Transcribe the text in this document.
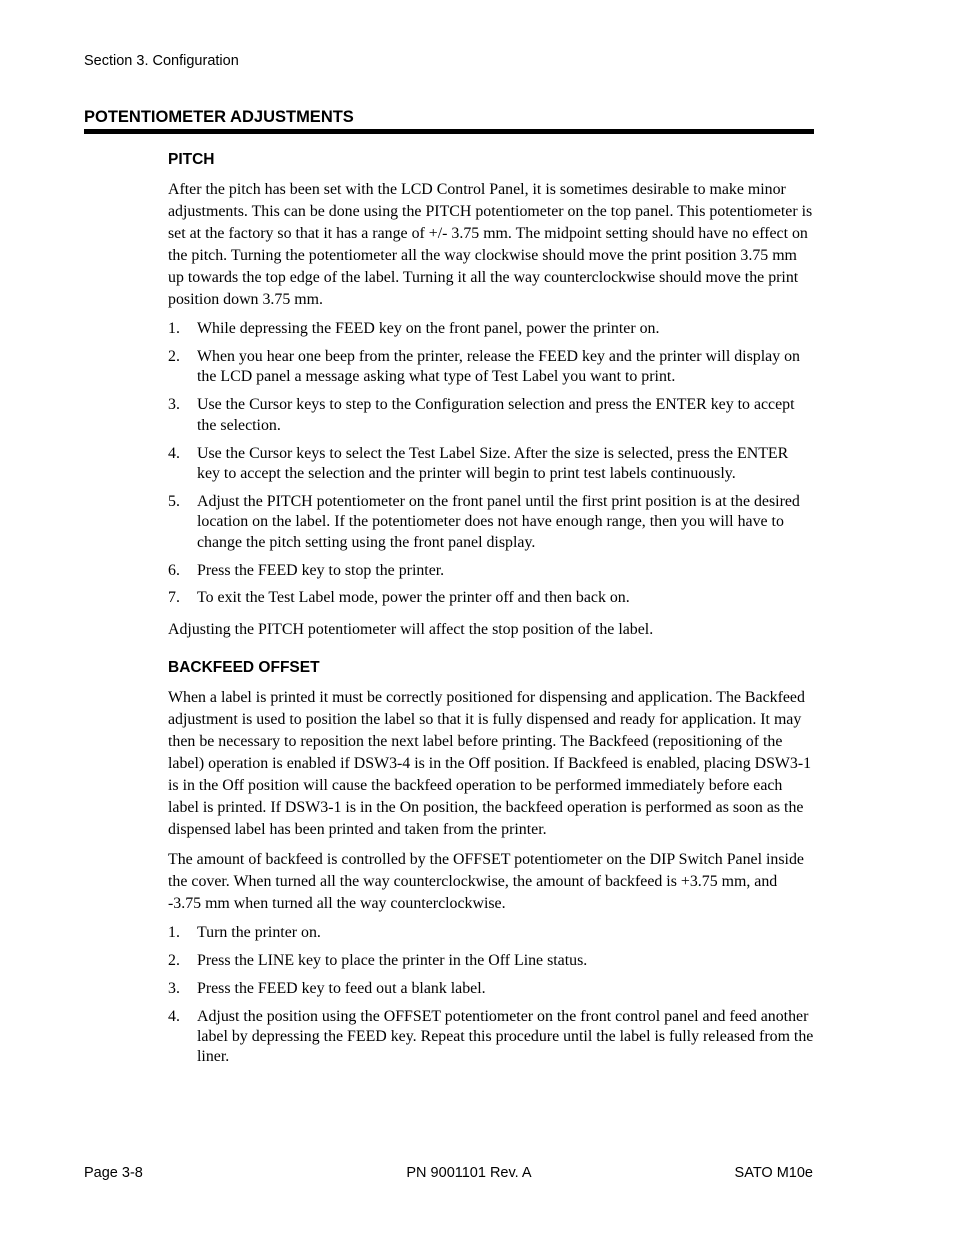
Section 3. Configuration
POTENTIOMETER ADJUSTMENTS
PITCH

After the pitch has been set with the LCD Control Panel, it is sometimes desirable to make minor adjustments. This can be done using the PITCH potentiometer on the top panel. This potentiometer is set at the factory so that it has a range of +/- 3.75 mm. The midpoint setting should have no effect on the pitch. Turning the potentiometer all the way clockwise should move the print position 3.75 mm up towards the top edge of the label. Turning it all the way counterclockwise should move the print position down 3.75 mm.

1. While depressing the FEED key on the front panel, power the printer on.
2. When you hear one beep from the printer, release the FEED key and the printer will display on the LCD panel a message asking what type of Test Label you want to print.
3. Use the Cursor keys to step to the Configuration selection and press the ENTER key to accept the selection.
4. Use the Cursor keys to select the Test Label Size. After the size is selected, press the ENTER key to accept the selection and the printer will begin to print test labels continuously.
5. Adjust the PITCH potentiometer on the front panel until the first print position is at the desired location on the label. If the potentiometer does not have enough range, then you will have to change the pitch setting using the front panel display.
6. Press the FEED key to stop the printer.
7. To exit the Test Label mode, power the printer off and then back on.

Adjusting the PITCH potentiometer will affect the stop position of the label.

BACKFEED OFFSET

When a label is printed it must be correctly positioned for dispensing and application. The Backfeed adjustment is used to position the label so that it is fully dispensed and ready for application. It may then be necessary to reposition the next label before printing. The Backfeed (repositioning of the label) operation is enabled if DSW3-4 is in the Off position. If Backfeed is enabled, placing DSW3-1 is in the Off position will cause the backfeed operation to be performed immediately before each label is printed. If DSW3-1 is in the On position, the backfeed operation is performed as soon as the dispensed label has been printed and taken from the printer.

The amount of backfeed is controlled by the OFFSET potentiometer on the DIP Switch Panel inside the cover. When turned all the way counterclockwise, the amount of backfeed is +3.75 mm, and -3.75 mm when turned all the way counterclockwise.

1. Turn the printer on.
2. Press the LINE key to place the printer in the Off Line status.
3. Press the FEED key to feed out a blank label.
4. Adjust the position using the OFFSET potentiometer on the front control panel and feed another label by depressing the FEED key. Repeat this procedure until the label is fully released from the liner.
Page 3-8	PN 9001101 Rev. A	SATO M10e
